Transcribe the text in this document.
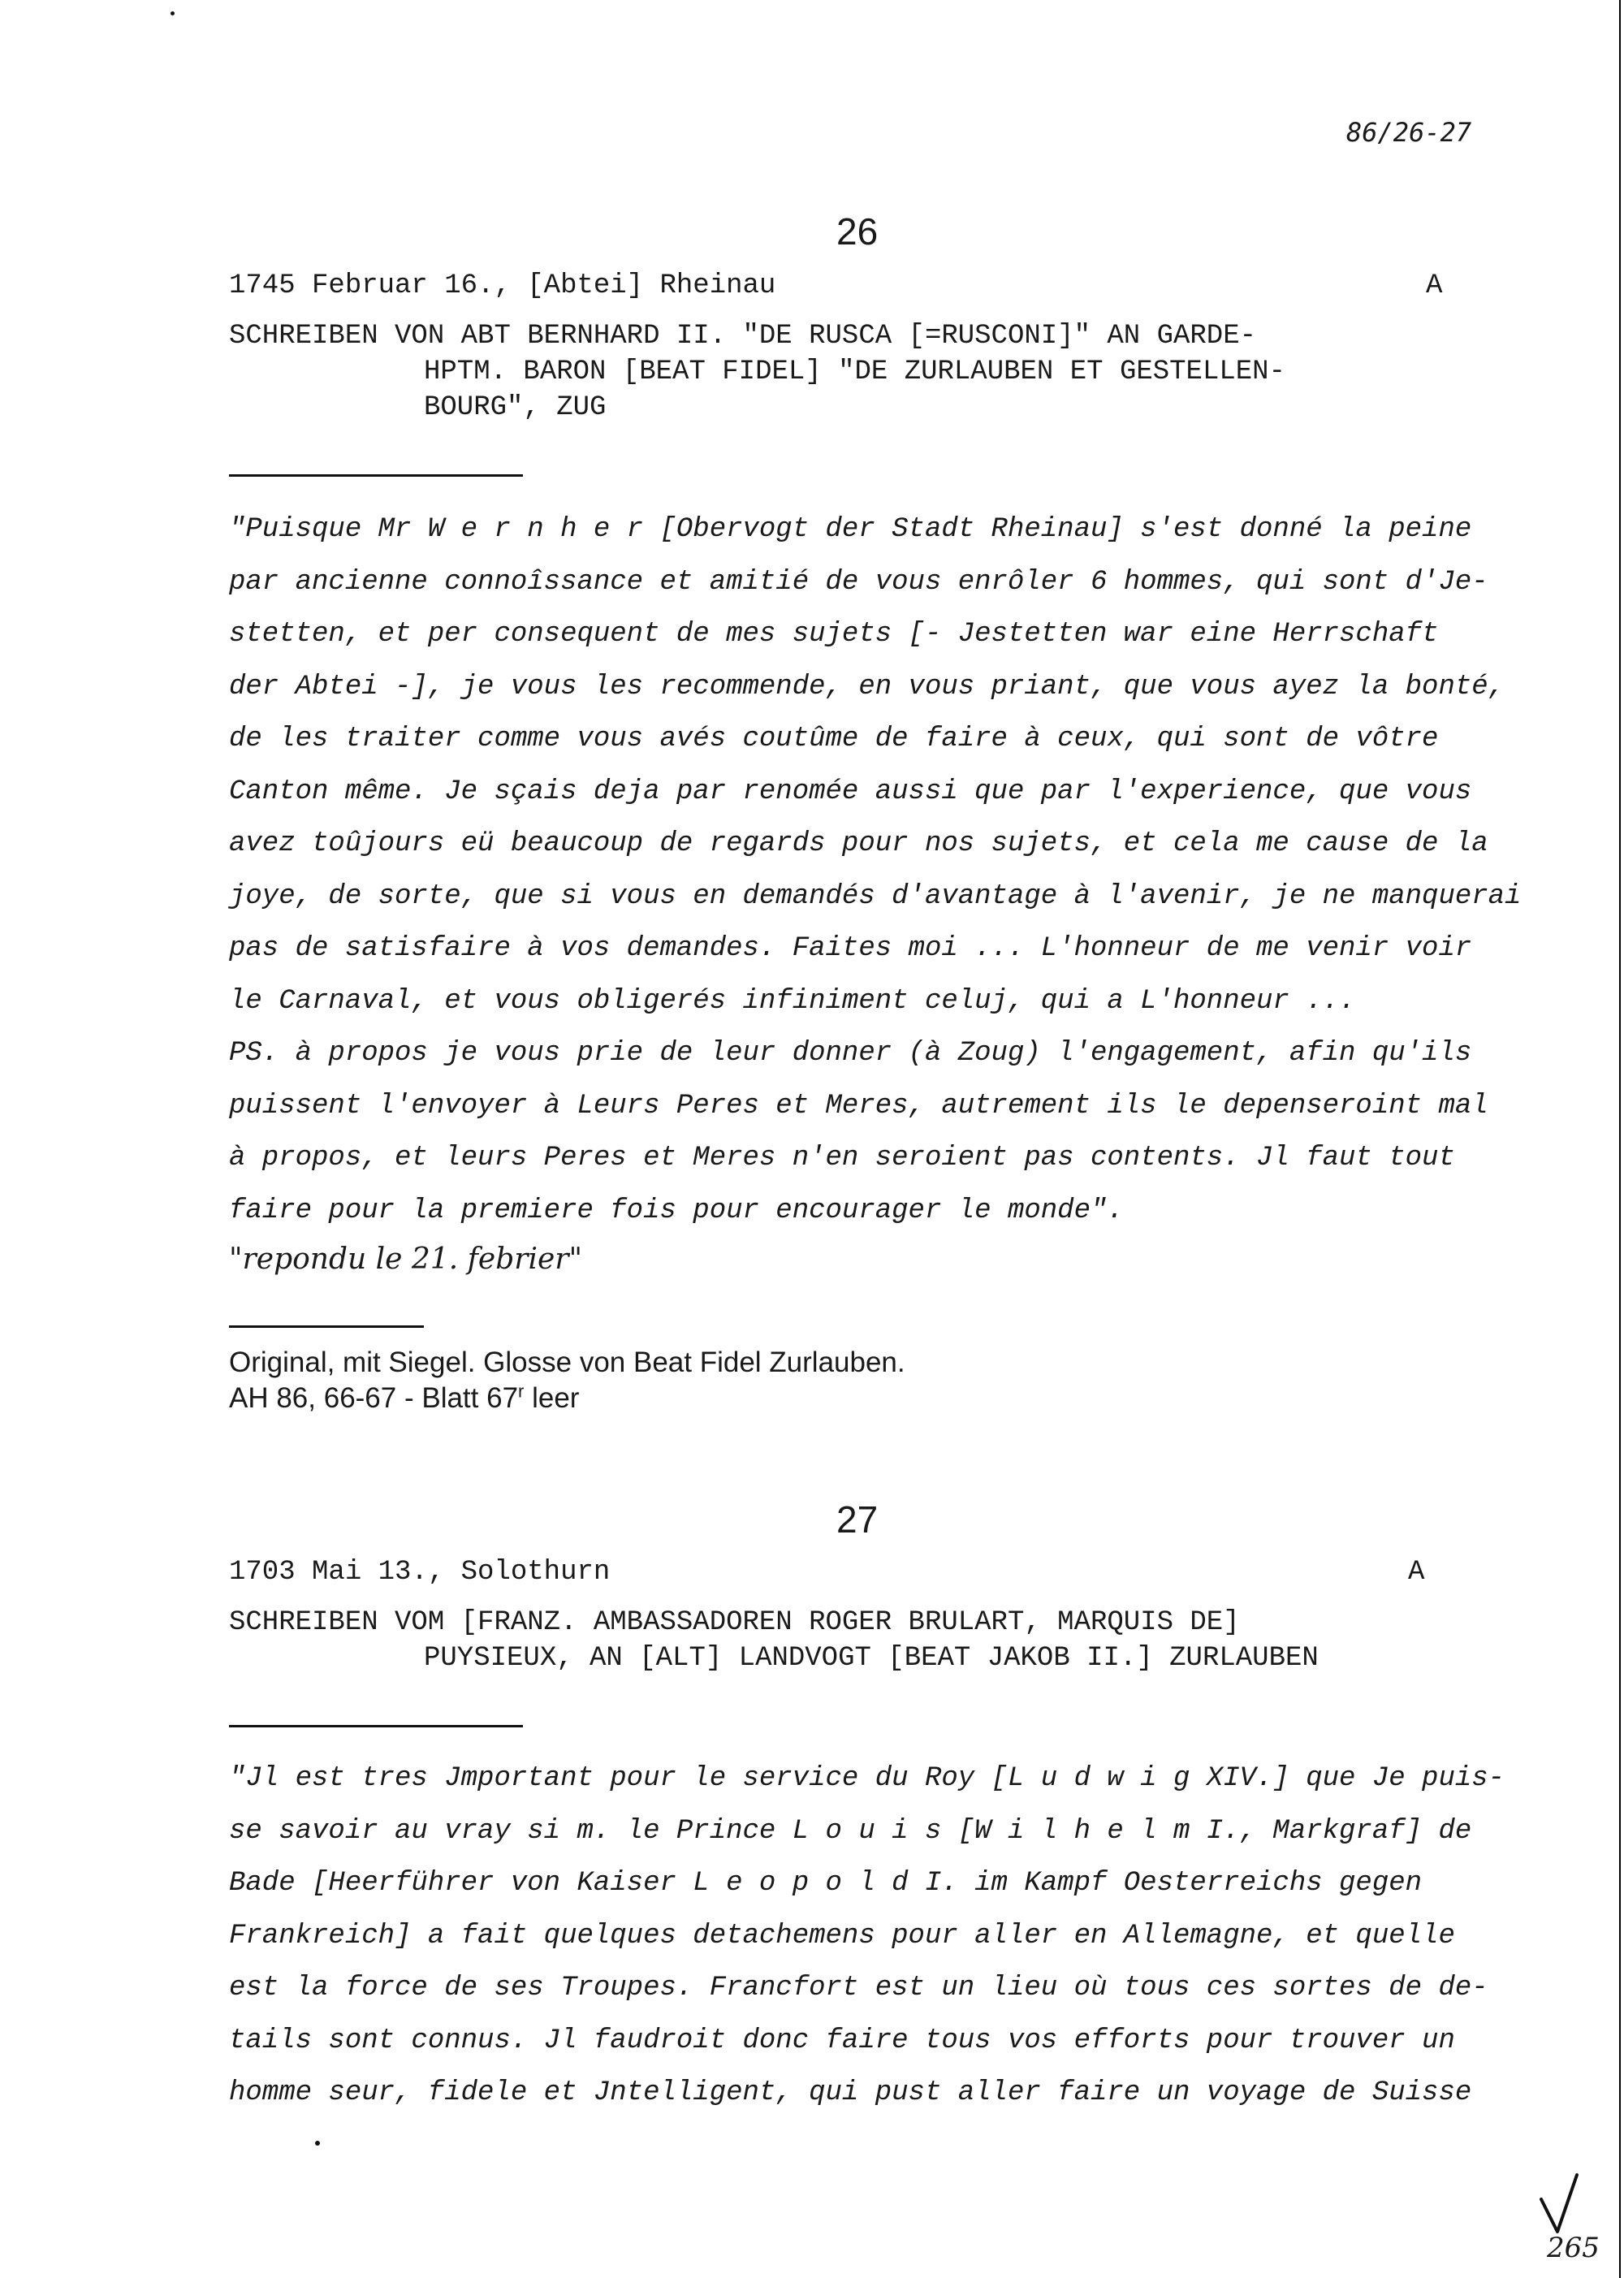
86/26-27
26
1745 Februar 16., [Abtei] Rheinau	A
SCHREIBEN VON ABT BERNHARD II. "DE RUSCA [=RUSCONI]" AN GARDE-
HPTM. BARON [BEAT FIDEL] "DE ZURLAUBEN ET GESTELLEN-
BOURG", ZUG
"Puisque Mr W e r n h e r [Obervogt der Stadt Rheinau] s'est donné la peine
par ancienne connoîssance et amitié de vous enrôler 6 hommes, qui sont d'Je-
stetten, et per consequent de mes sujets [- Jestetten war eine Herrschaft
der Abtei -], je vous les recommende, en vous priant, que vous ayez la bonté,
de les traiter comme vous avés coutûme de faire à ceux, qui sont de vôtre
Canton même. Je sçais deja par renomée aussi que par l'experience, que vous
avez toûjours eü beaucoup de regards pour nos sujets, et cela me cause de la
joye, de sorte, que si vous en demandés d'avantage à l'avenir, je ne manquerai
pas de satisfaire à vos demandes. Faites moi ... L'honneur de me venir voir
le Carnaval, et vous obligerés infiniment celuj, qui a L'honneur ...
PS. à propos je vous prie de leur donner (à Zoug) l'engagement, afin qu'ils
puissent l'envoyer à Leurs Peres et Meres, autrement ils le depenseroint mal
à propos, et leurs Peres et Meres n'en seroient pas contents. Jl faut tout
faire pour la premiere fois pour encourager le monde".
"repondu le 21. febrier"
Original, mit Siegel. Glosse von Beat Fidel Zurlauben.
AH 86, 66-67 - Blatt 67$^r$ leer
27
1703 Mai 13., Solothurn	A
SCHREIBEN VOM [FRANZ. AMBASSADOREN ROGER BRULART, MARQUIS DE]
PUYSIEUX, AN [ALT] LANDVOGT [BEAT JAKOB II.] ZURLAUBEN
"Jl est tres Jmportant pour le service du Roy [L u d w i g XIV.] que Je puis-
se savoir au vray si m. le Prince L o u i s [W i l h e l m I., Markgraf] de
Bade [Heerführer von Kaiser L e o p o l d I. im Kampf Oesterreichs gegen
Frankreich] a fait quelques detachemens pour aller en Allemagne, et quelle
est la force de ses Troupes. Francfort est un lieu où tous ces sortes de de-
tails sont connus. Jl faudroit donc faire tous vos efforts pour trouver un
homme seur, fidele et Jntelligent, qui pust aller faire un voyage de Suisse
265
